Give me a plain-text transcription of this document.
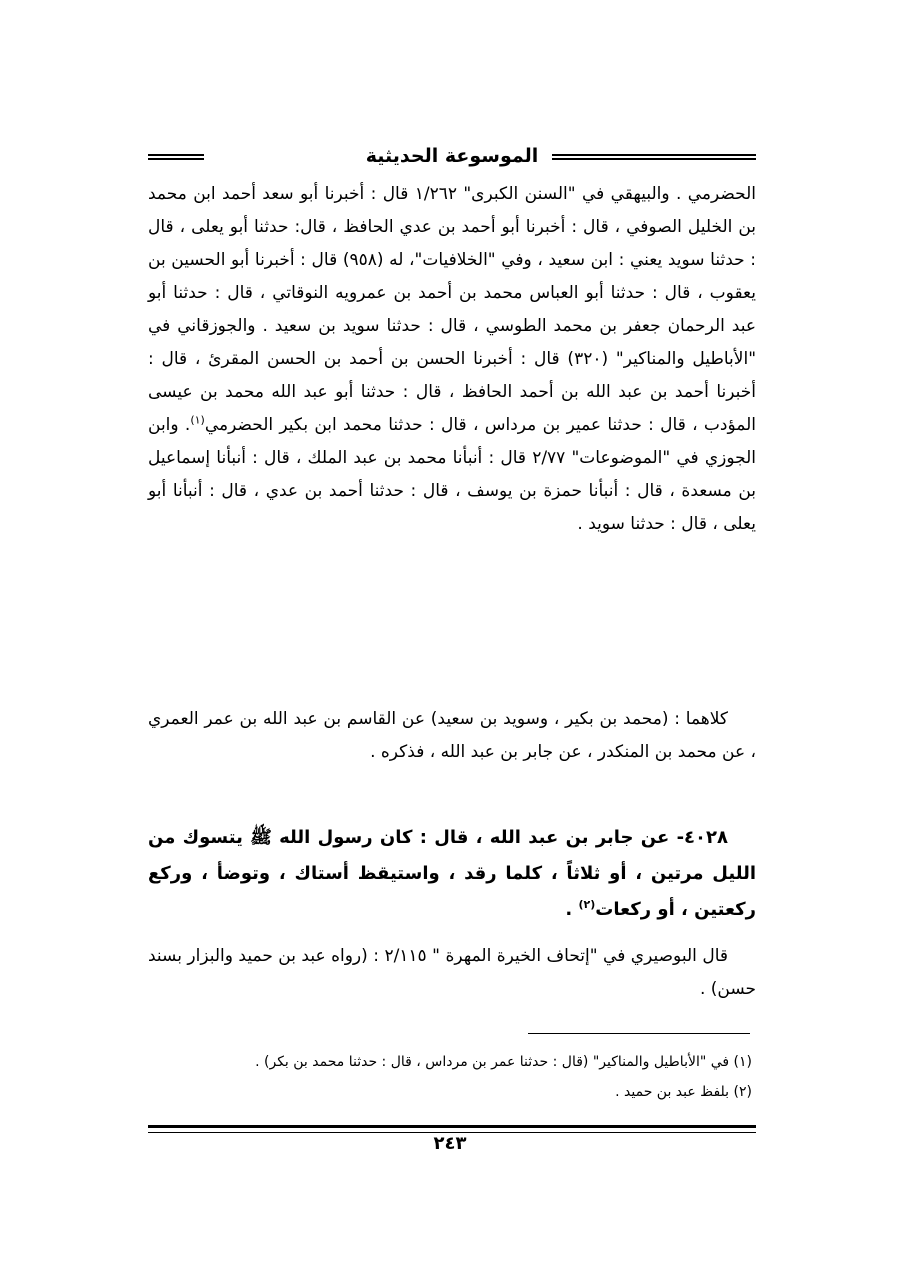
الموسوعة الحديثية

الحضرمي . والبيهقي في "السنن الكبرى" ١/٢٦٢ قال : أخبرنا أبو سعد أحمد ابن محمد بن الخليل الصوفي ، قال : أخبرنا أبو أحمد بن عدي الحافظ ، قال: حدثنا أبو يعلى ، قال : حدثنا سويد يعني : ابن سعيد ، وفي "الخلافيات"، له (٩٥٨) قال : أخبرنا أبو الحسين بن يعقوب ، قال : حدثنا أبو العباس محمد بن أحمد بن عمرويه النوقاتي ، قال : حدثنا أبو عبد الرحمان جعفر بن محمد الطوسي ، قال : حدثنا سويد بن سعيد . والجوزقاني في "الأباطيل والمناكير" (٣٢٠) قال : أخبرنا الحسن بن أحمد بن الحسن المقرئ ، قال : أخبرنا أحمد بن عبد الله بن أحمد الحافظ ، قال : حدثنا أبو عبد الله محمد بن عيسى المؤدب ، قال : حدثنا عمير بن مرداس ، قال : حدثنا محمد ابن بكير الحضرمي$^{(١)}$. وابن الجوزي في "الموضوعات" ٢/٧٧ قال : أنبأنا محمد بن عبد الملك ، قال : أنبأنا إسماعيل بن مسعدة ، قال : أنبأنا حمزة بن يوسف ، قال : حدثنا أحمد بن عدي ، قال : أنبأنا أبو يعلى ، قال : حدثنا سويد .

كلاهما : (محمد بن بكير ، وسويد بن سعيد) عن القاسم بن عبد الله بن عمر العمري ، عن محمد بن المنكدر ، عن جابر بن عبد الله ، فذكره .

٤٠٢٨- عن جابر بن عبد الله ، قال : كان رسول الله ﷺ يتسوك من الليل مرتين ، أو ثلاثاً ، كلما رقد ، واستيقظ أستاك ، وتوضأ ، وركع ركعتين ، أو ركعات$^{(٢)}$ .

قال البوصيري في "إتحاف الخيرة المهرة " ٢/١١٥ : (رواه عبد بن حميد والبزار بسند حسن) .

(١) في "الأباطيل والمناكير" (قال : حدثنا عمر بن مرداس ، قال : حدثنا محمد بن بكر) .

(٢) بلفظ عبد بن حميد .

٢٤٣
